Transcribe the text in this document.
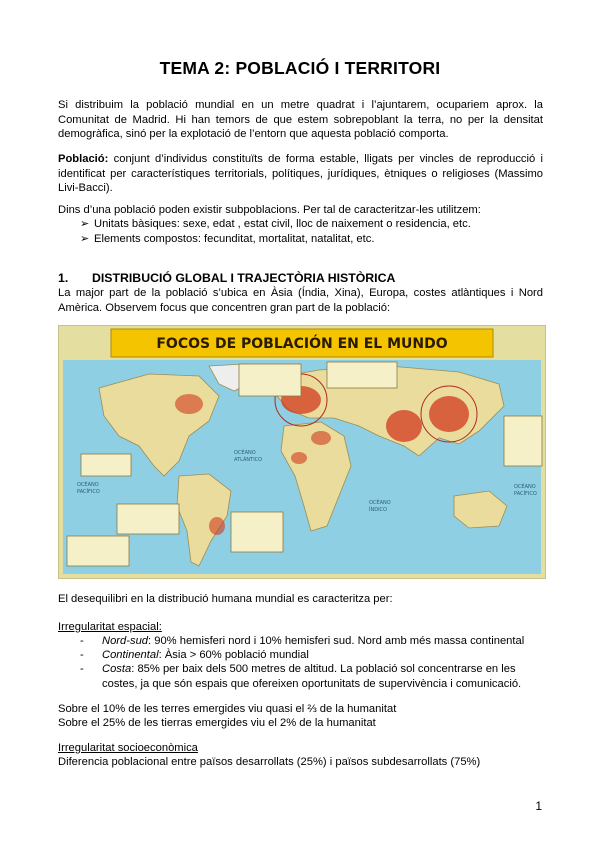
TEMA 2: POBLACIÓ I TERRITORI
Si distribuim la població mundial en un metre quadrat i l’ajuntarem, ocupariem aprox. la Comunitat de Madrid. Hi han temors de que estem sobrepoblant la terra, no per la densitat demogràfica, sinó per la explotació de l’entorn que aquesta població comporta.
Població: conjunt d’individus constituïts de forma estable, lligats per vincles de reproducció i identificat per característiques territorials, polítiques, jurídiques, ètniques o religioses (Massimo Livi-Bacci).
Dins d’una població poden existir subpoblacions. Per tal de caracteritzar-les utilitzem:
➢ Unitats bàsiques: sexe, edat , estat civil, lloc de naixement o residencia, etc.
➢ Elements compostos: fecunditat, mortalitat, natalitat, etc.
1. DISTRIBUCIÓ GLOBAL I TRAJECTÒRIA HISTÒRICA
La major part de la població s’ubica en Àsia (Índia, Xina), Europa, costes atlàntiques i Nord Amèrica. Observem focus que concentren gran part de la població:
FOCOS DE POBLACIÓN EN EL MUNDO
OCÉANO
PACÍFICO
OCÉANO
ATLÁNTICO
OCÉANO
ÍNDICO
OCÉANO
PACÍFICO
El desequilibri en la distribució humana mundial es caracteritza per:
Irregularitat espacial:
- Nord-sud: 90% hemisferi nord i 10% hemisferi sud. Nord amb més massa continental
- Continental: Àsia > 60% població mundial
- Costa: 85% per baix dels 500 metres de altitud. La població sol concentrarse en les costes, ja que són espais que ofereixen oportunitats de supervivència i comunicació.
Sobre el 10% de les terres emergides viu quasi el ⅔ de la humanitat
Sobre el 25% de les tierras emergides viu el 2% de la humanitat
Irregularitat socioeconòmica
Diferencia poblacional entre països desarrollats (25%) i països subdesarrollats (75%)
1
